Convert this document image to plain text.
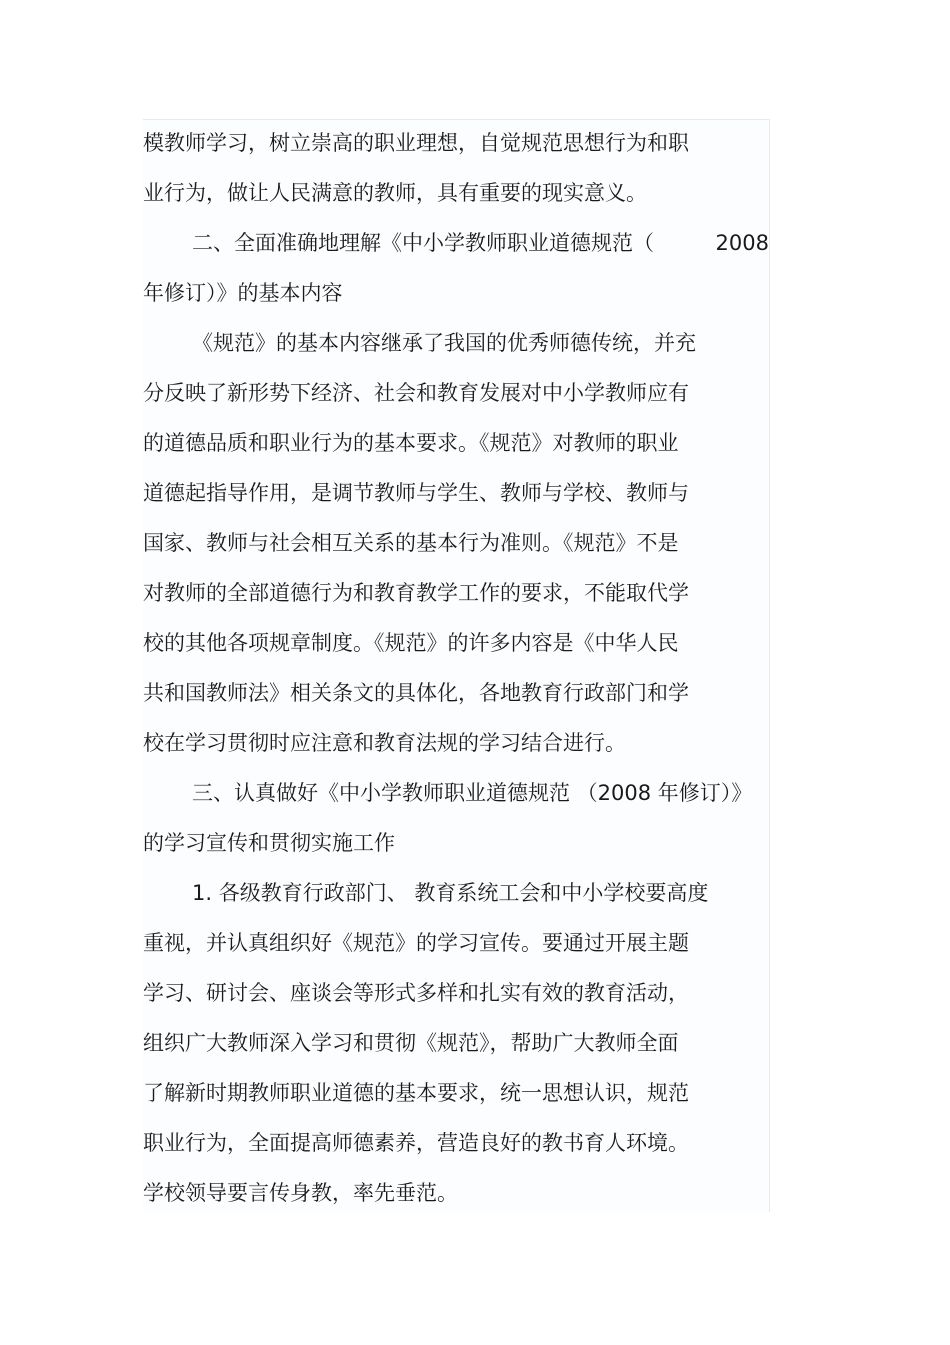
模教师学习，树立崇高的职业理想，自觉规范思想行为和职
业行为，做让人民满意的教师，具有重要的现实意义。
二、全面准确地理解《中小学教师职业道德规范（	2008
年修订）》的基本内容
《规范》的基本内容继承了我国的优秀师德传统，并充
分反映了新形势下经济、社会和教育发展对中小学教师应有
的道德品质和职业行为的基本要求。《规范》对教师的职业
道德起指导作用，是调节教师与学生、教师与学校、教师与
国家、教师与社会相互关系的基本行为准则。《规范》不是
对教师的全部道德行为和教育教学工作的要求，不能取代学
校的其他各项规章制度。《规范》的许多内容是《中华人民
共和国教师法》相关条文的具体化，各地教育行政部门和学
校在学习贯彻时应注意和教育法规的学习结合进行。
三、认真做好《中小学教师职业道德规范 （2008 年修订）》
的学习宣传和贯彻实施工作
1. 各级教育行政部门、 教育系统工会和中小学校要高度
重视，并认真组织好《规范》的学习宣传。要通过开展主题
学习、研讨会、座谈会等形式多样和扎实有效的教育活动，
组织广大教师深入学习和贯彻《规范》，帮助广大教师全面
了解新时期教师职业道德的基本要求，统一思想认识，规范
职业行为，全面提高师德素养，营造良好的教书育人环境。
学校领导要言传身教，率先垂范。
